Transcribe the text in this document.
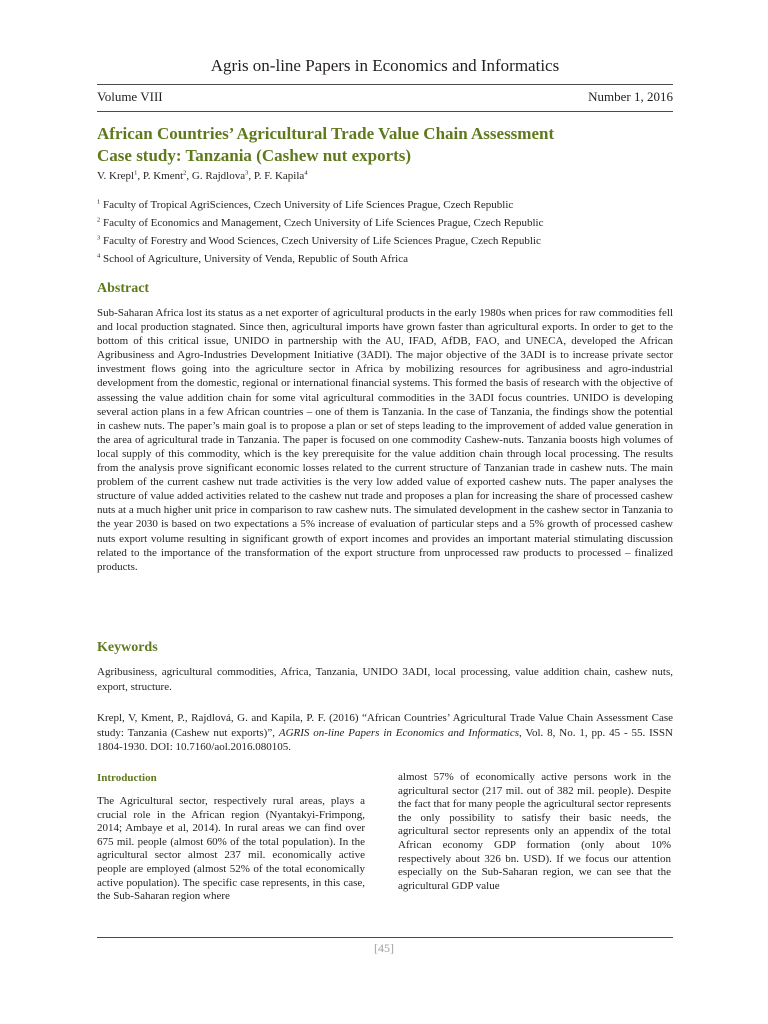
Agris on-line Papers in Economics and Informatics
Volume VIII	Number 1, 2016
African Countries’ Agricultural Trade Value Chain Assessment
Case study: Tanzania (Cashew nut exports)
V. Krepl$^1$, P. Kment$^2$, G. Rajdlova$^3$, P. F. Kapila$^4$
$^1$ Faculty of Tropical AgriSciences, Czech University of Life Sciences Prague, Czech Republic
$^2$ Faculty of Economics and Management, Czech University of Life Sciences Prague, Czech Republic
$^3$ Faculty of Forestry and Wood Sciences, Czech University of Life Sciences Prague, Czech Republic
$^4$ School of Agriculture, University of Venda, Republic of South Africa
Abstract
Sub-Saharan Africa lost its status as a net exporter of agricultural products in the early 1980s when prices for raw commodities fell and local production stagnated. Since then, agricultural imports have grown faster than agricultural exports. In order to get to the bottom of this critical issue, UNIDO in partnership with the AU, IFAD, AfDB, FAO, and UNECA, developed the African Agribusiness and Agro-Industries Development Initiative (3ADI). The major objective of the 3ADI is to increase private sector investment flows going into the agriculture sector in Africa by mobilizing resources for agribusiness and agro-industrial development from the domestic, regional or international financial systems. This formed the basis of research with the objective of assessing the value addition chain for some vital agricultural commodities in the 3ADI focus countries. UNIDO is developing several action plans in a few African countries – one of them is Tanzania. In the case of Tanzania, the findings show the potential in cashew nuts. The paper’s main goal is to propose a plan or set of steps leading to the improvement of added value generation in the area of agricultural trade in Tanzania. The paper is focused on one commodity Cashew-nuts. Tanzania boosts high volumes of local supply of this commodity, which is the key prerequisite for the value addition chain through local processing. The results from the analysis prove significant economic losses related to the current structure of Tanzanian trade in cashew nuts. The main problem of the current cashew nut trade activities is the very low added value of exported cashew nuts. The paper analyses the structure of value added activities related to the cashew nut trade and proposes a plan for increasing the share of processed cashew nuts at a much higher unit price in comparison to raw cashew nuts. The simulated development in the cashew sector in Tanzania to the year 2030 is based on two expectations a 5% increase of evaluation of particular steps and a 5% growth of processed cashew nuts export volume resulting in significant growth of export incomes and provides an important material stimulating discussion related to the importance of the transformation of the export structure from unprocessed raw products to processed – finalized products.
Keywords
Agribusiness, agricultural commodities, Africa, Tanzania, UNIDO 3ADI, local processing, value addition chain, cashew nuts, export, structure.
Krepl, V, Kment, P., Rajdlová, G. and Kapila, P. F. (2016) “African Countries’ Agricultural Trade Value Chain Assessment Case study: Tanzania (Cashew nut exports)”, AGRIS on-line Papers in Economics and Informatics, Vol. 8, No. 1, pp. 45 - 55. ISSN 1804-1930. DOI: 10.7160/aol.2016.080105.
Introduction
The Agricultural sector, respectively rural areas, plays a crucial role in the African region (Nyantakyi-Frimpong, 2014; Ambaye et al, 2014). In rural areas we can find over 675 mil. people (almost 60% of the total population). In the agricultural sector almost 237 mil. economically active people are employed (almost 52% of the total economically active population). The specific case represents, in this case, the Sub-Saharan region where
almost 57% of economically active persons work in the agricultural sector (217 mil. out of 382 mil. people). Despite the fact that for many people the agricultural sector represents the only possibility to satisfy their basic needs, the agricultural sector represents only an appendix of the total African economy GDP formation (only about 10% respectively about 326 bn. USD). If we focus our attention especially on the Sub-Saharan region, we can see that the agricultural GDP value
[45]
